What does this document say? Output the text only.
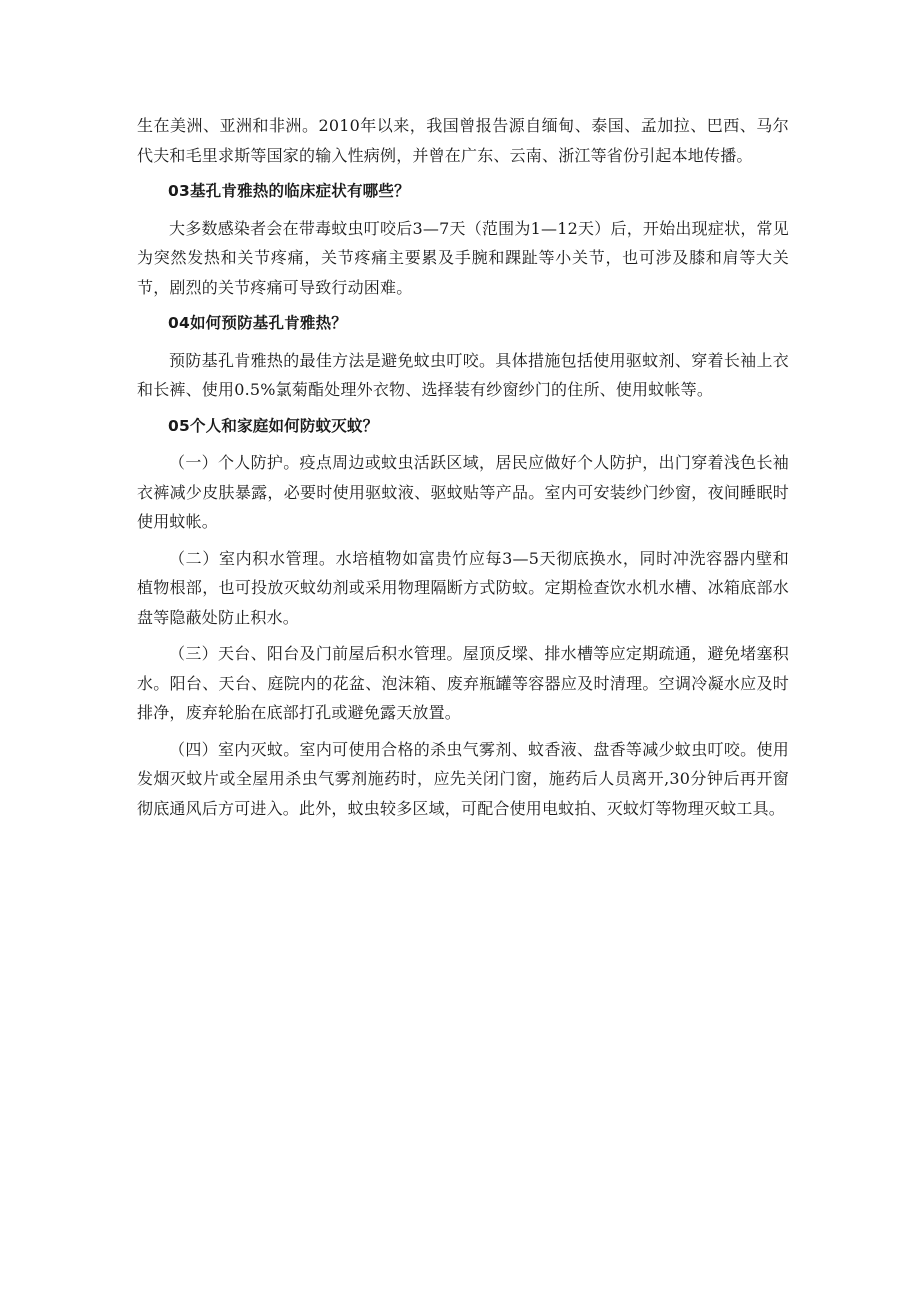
生在美洲、亚洲和非洲。2010年以来，我国曾报告源自缅甸、泰国、孟加拉、巴西、马尔代夫和毛里求斯等国家的输入性病例，并曾在广东、云南、浙江等省份引起本地传播。

03基孔肯雅热的临床症状有哪些？

大多数感染者会在带毒蚊虫叮咬后3—7天（范围为1—12天）后，开始出现症状，常见为突然发热和关节疼痛，关节疼痛主要累及手腕和踝趾等小关节，也可涉及膝和肩等大关节，剧烈的关节疼痛可导致行动困难。

04如何预防基孔肯雅热？

预防基孔肯雅热的最佳方法是避免蚊虫叮咬。具体措施包括使用驱蚊剂、穿着长袖上衣和长裤、使用0.5%氯菊酯处理外衣物、选择装有纱窗纱门的住所、使用蚊帐等。

05个人和家庭如何防蚊灭蚊？

（一）个人防护。疫点周边或蚊虫活跃区域，居民应做好个人防护，出门穿着浅色长袖衣裤减少皮肤暴露，必要时使用驱蚊液、驱蚊贴等产品。室内可安装纱门纱窗，夜间睡眠时使用蚊帐。

（二）室内积水管理。水培植物如富贵竹应每3—5天彻底换水，同时冲洗容器内壁和植物根部，也可投放灭蚊幼剂或采用物理隔断方式防蚊。定期检查饮水机水槽、冰箱底部水盘等隐蔽处防止积水。

（三）天台、阳台及门前屋后积水管理。屋顶反墚、排水槽等应定期疏通，避免堵塞积水。阳台、天台、庭院内的花盆、泡沫箱、废弃瓶罐等容器应及时清理。空调冷凝水应及时排净，废弃轮胎在底部打孔或避免露天放置。

（四）室内灭蚊。室内可使用合格的杀虫气雾剂、蚊香液、盘香等减少蚊虫叮咬。使用发烟灭蚊片或全屋用杀虫气雾剂施药时，应先关闭门窗，施药后人员离开,30分钟后再开窗彻底通风后方可进入。此外，蚊虫较多区域，可配合使用电蚊拍、灭蚊灯等物理灭蚊工具。
